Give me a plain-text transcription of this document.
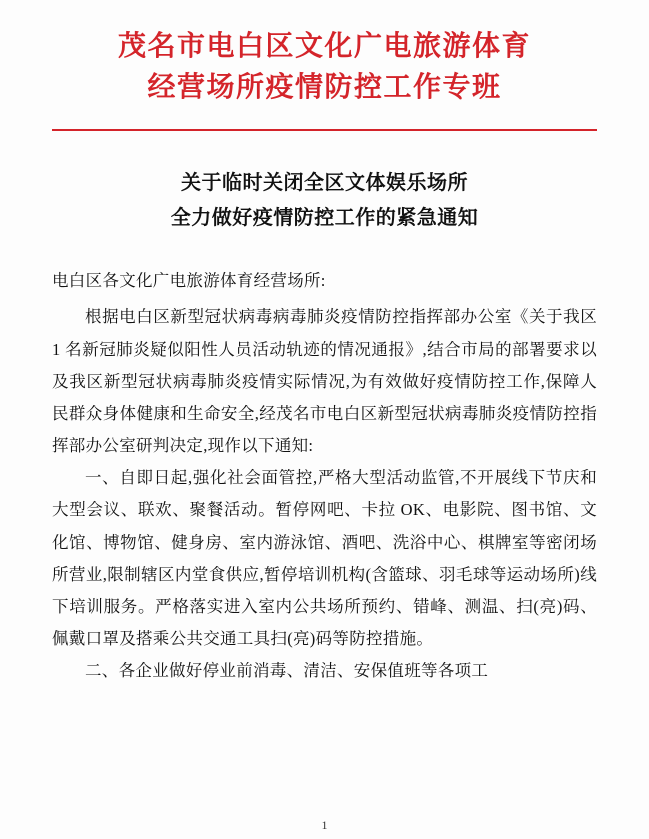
茂名市电白区文化广电旅游体育
经营场所疫情防控工作专班
关于临时关闭全区文体娱乐场所
全力做好疫情防控工作的紧急通知
电白区各文化广电旅游体育经营场所:

根据电白区新型冠状病毒病毒肺炎疫情防控指挥部办公室《关于我区 1 名新冠肺炎疑似阳性人员活动轨迹的情况通报》,结合市局的部署要求以及我区新型冠状病毒肺炎疫情实际情况,为有效做好疫情防控工作,保障人民群众身体健康和生命安全,经茂名市电白区新型冠状病毒肺炎疫情防控指挥部办公室研判决定,现作以下通知:

一、自即日起,强化社会面管控,严格大型活动监管,不开展线下节庆和大型会议、联欢、聚餐活动。暂停网吧、卡拉 OK、电影院、图书馆、文化馆、博物馆、健身房、室内游泳馆、酒吧、洗浴中心、棋牌室等密闭场所营业,限制辖区内堂食供应,暂停培训机构(含篮球、羽毛球等运动场所)线下培训服务。严格落实进入室内公共场所预约、错峰、测温、扫(亮)码、佩戴口罩及搭乘公共交通工具扫(亮)码等防控措施。

二、各企业做好停业前消毒、清洁、安保值班等各项工

1
